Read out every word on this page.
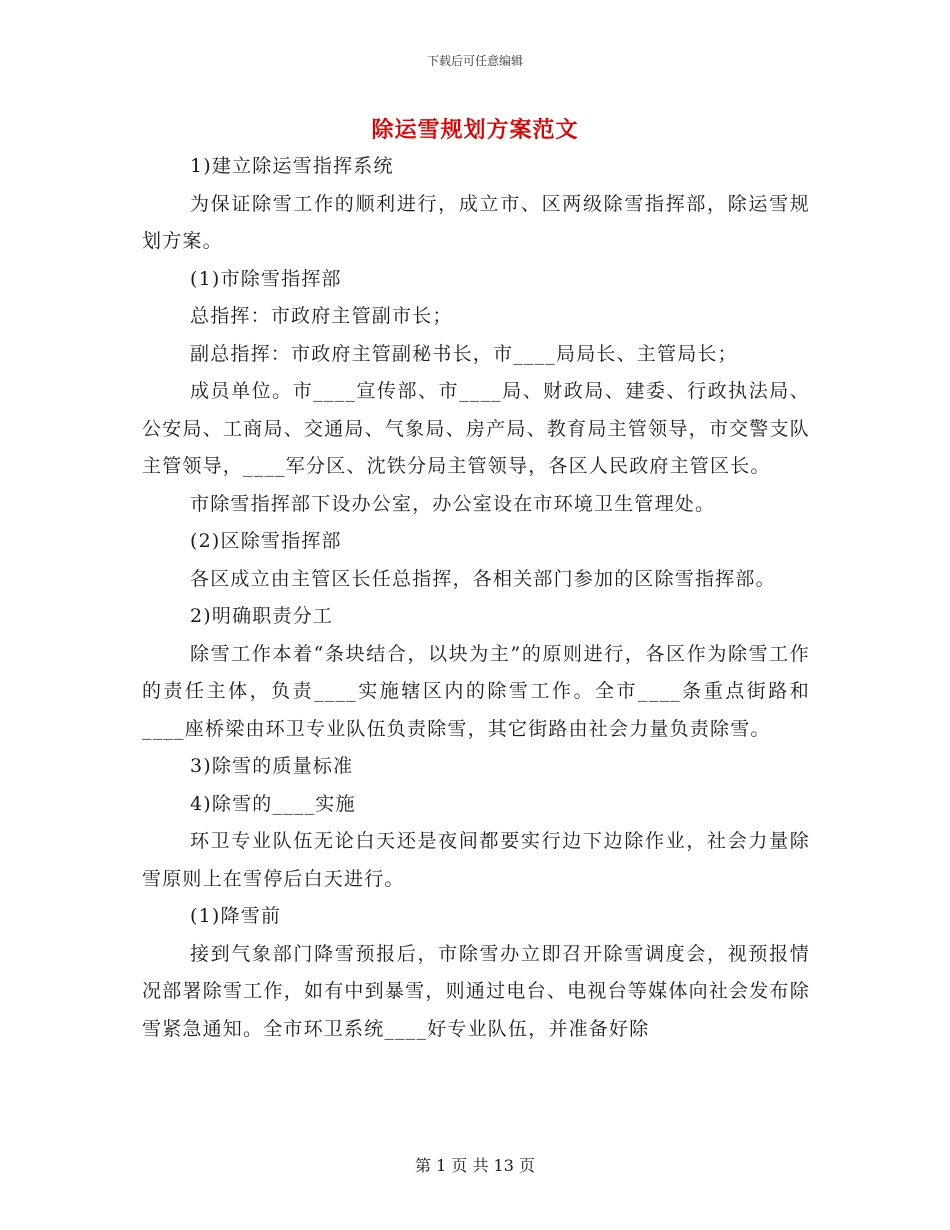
下载后可任意编辑
除运雪规划方案范文

1)建立除运雪指挥系统

为保证除雪工作的顺利进行，成立市、区两级除雪指挥部，除运雪规划方案。

(1)市除雪指挥部

总指挥：市政府主管副市长；

副总指挥：市政府主管副秘书长，市____局局长、主管局长；

成员单位。市____宣传部、市____局、财政局、建委、行政执法局、公安局、工商局、交通局、气象局、房产局、教育局主管领导，市交警支队主管领导，____军分区、沈铁分局主管领导，各区人民政府主管区长。

市除雪指挥部下设办公室，办公室设在市环境卫生管理处。

(2)区除雪指挥部

各区成立由主管区长任总指挥，各相关部门参加的区除雪指挥部。

2)明确职责分工

除雪工作本着“条块结合，以块为主”的原则进行，各区作为除雪工作的责任主体，负责____实施辖区内的除雪工作。全市____条重点街路和____座桥梁由环卫专业队伍负责除雪，其它街路由社会力量负责除雪。

3)除雪的质量标准

4)除雪的____实施

环卫专业队伍无论白天还是夜间都要实行边下边除作业，社会力量除雪原则上在雪停后白天进行。

(1)降雪前

接到气象部门降雪预报后，市除雪办立即召开除雪调度会，视预报情况部署除雪工作，如有中到暴雪，则通过电台、电视台等媒体向社会发布除雪紧急通知。全市环卫系统____好专业队伍，并准备好除

第 1 页 共 13 页
